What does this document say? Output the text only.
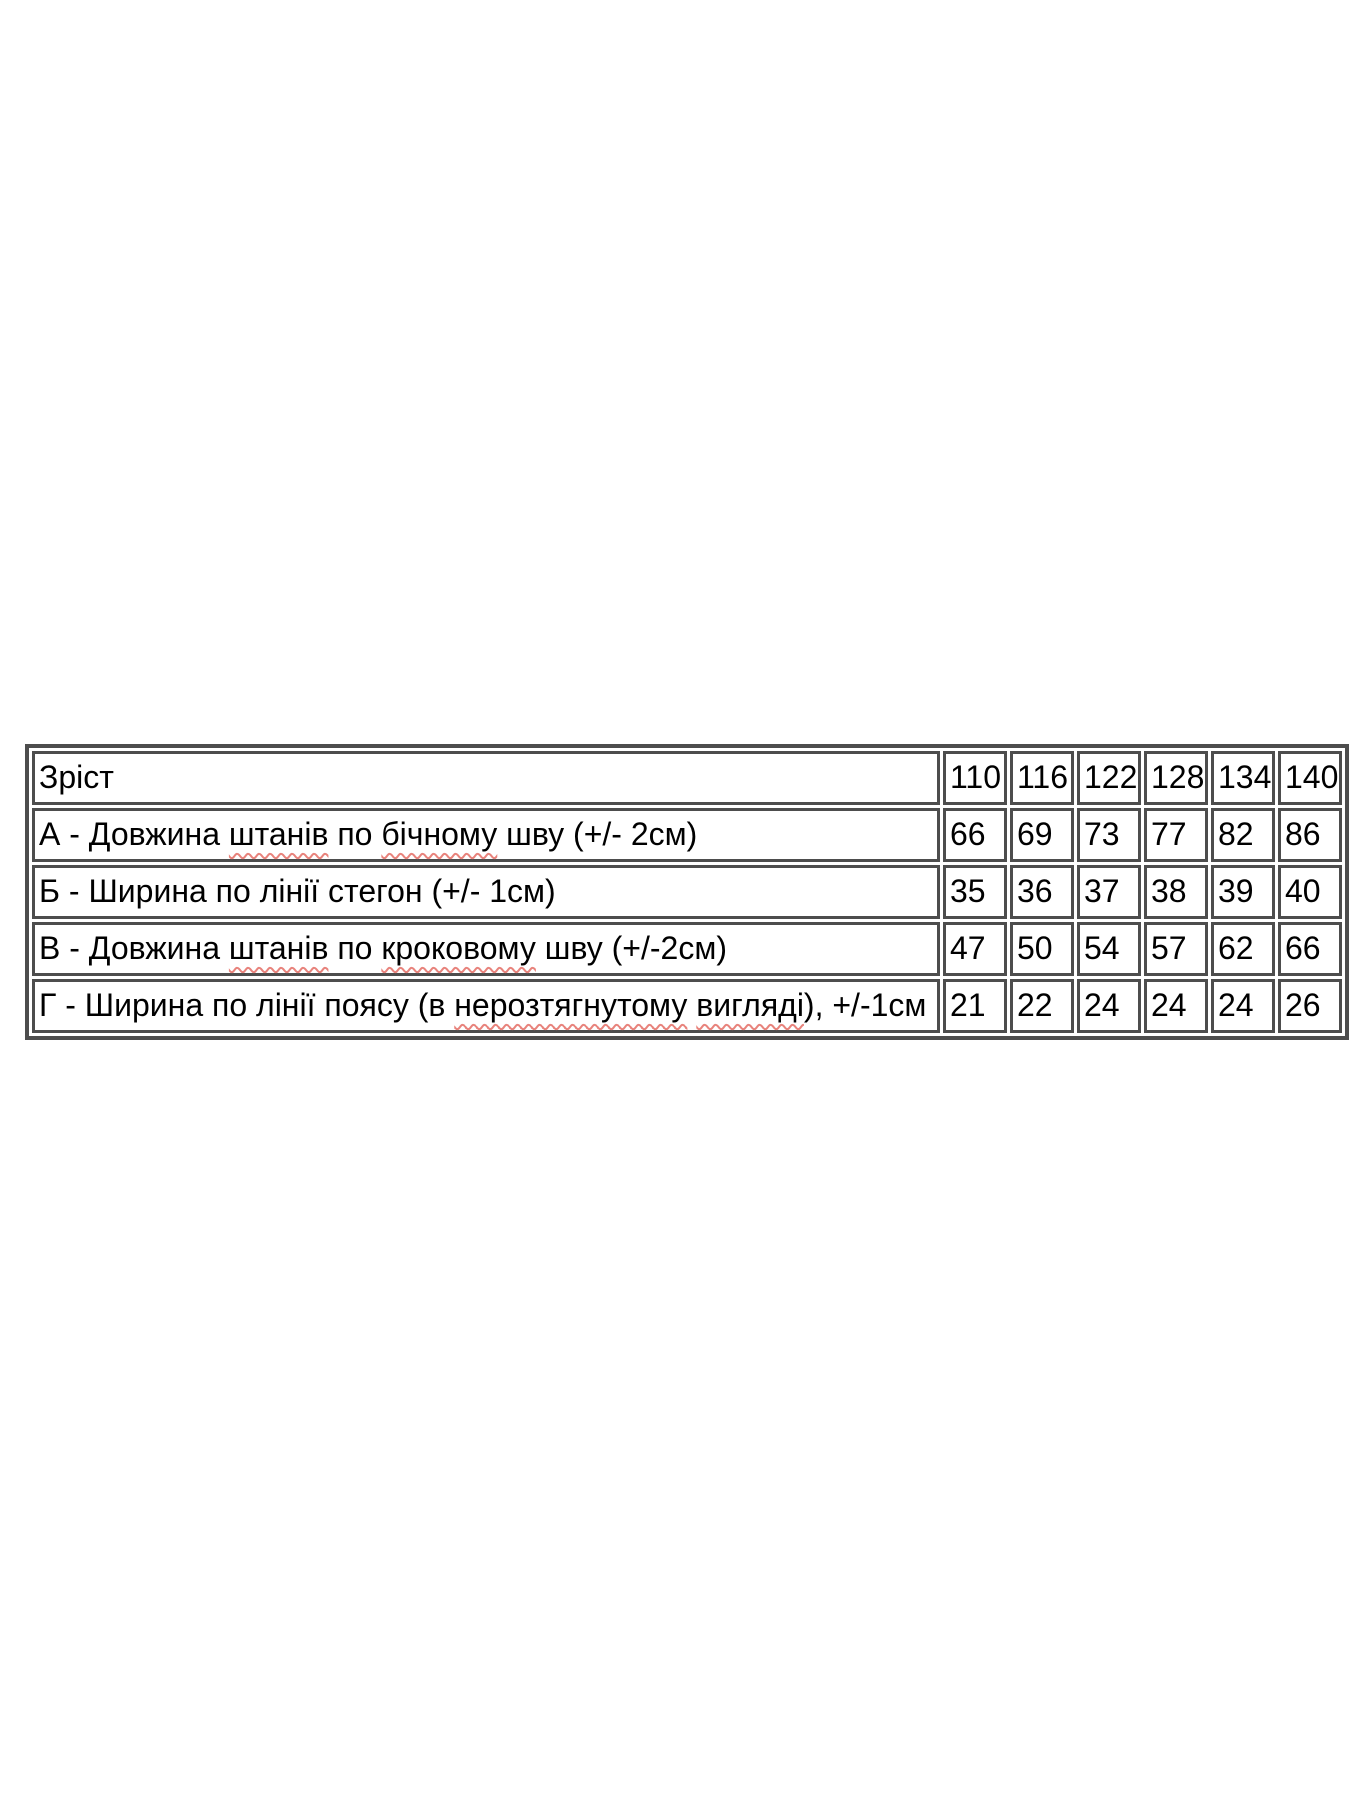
Зріст	110	116	122	128	134	140
А - Довжина штанів по бічному шву (+/- 2см)	66	69	73	77	82	86
Б - Ширина по лінії стегон (+/- 1см)	35	36	37	38	39	40
В - Довжина штанів по кроковому шву (+/-2см)	47	50	54	57	62	66
Г - Ширина по лінії поясу (в нерозтягнутому вигляді), +/-1см	21	22	24	24	24	26
